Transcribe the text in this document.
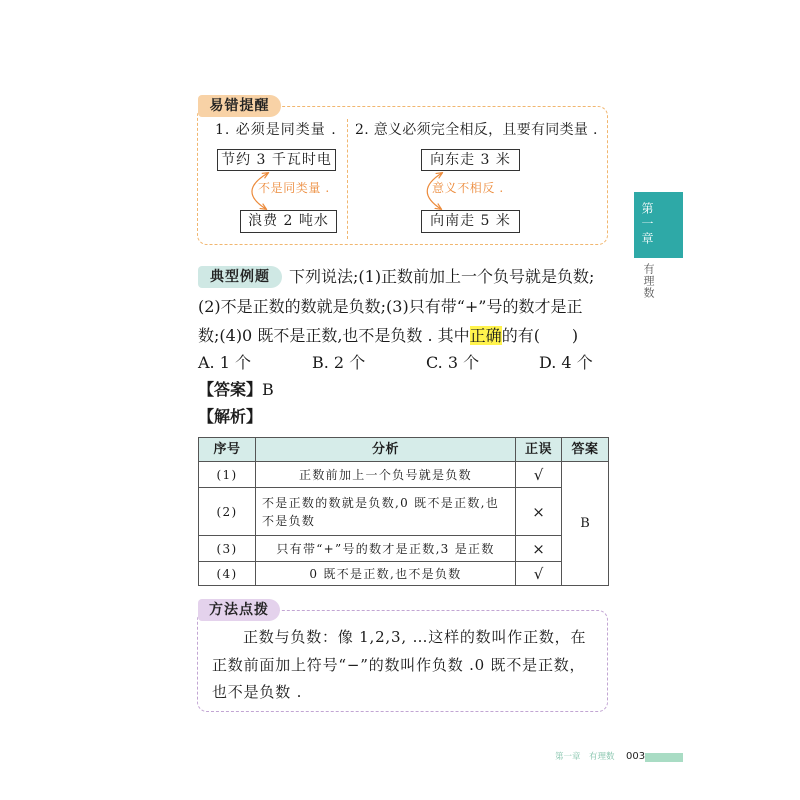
易错提醒
1. 必须是同类量 . 2. 意义必须完全相反，且要有同类量 .
节约 3 千瓦时电
不是同类量 .
浪费 2 吨水
向东走 3 米
意义不相反 .
向南走 5 米	第一章
有理数
典型例题	下列说法;(1)正数前加上一个负号就是负数;
(2)不是正数的数就是负数;(3)只有带“+”号的数才是正
数;(4)0 既不是正数,也不是负数 . 其中正确的有(　　)
A. 1 个	B. 2 个	C. 3 个	D. 4 个
【答案】B
【解析】
序号	分析	正误	答案
(1)	正数前加上一个负号就是负数	√	B
(2)	不是正数的数就是负数,0 既不是正数,也不是负数	×	
(3)	只有带“+”号的数才是正数,3 是正数	×	
(4)	0 既不是正数,也不是负数	√	
方法点拨
正数与负数：像 1,2,3, …这样的数叫作正数，在
正数前面加上符号“−”的数叫作负数 .0 既不是正数，
也不是负数 .
第一章　有理数 003
